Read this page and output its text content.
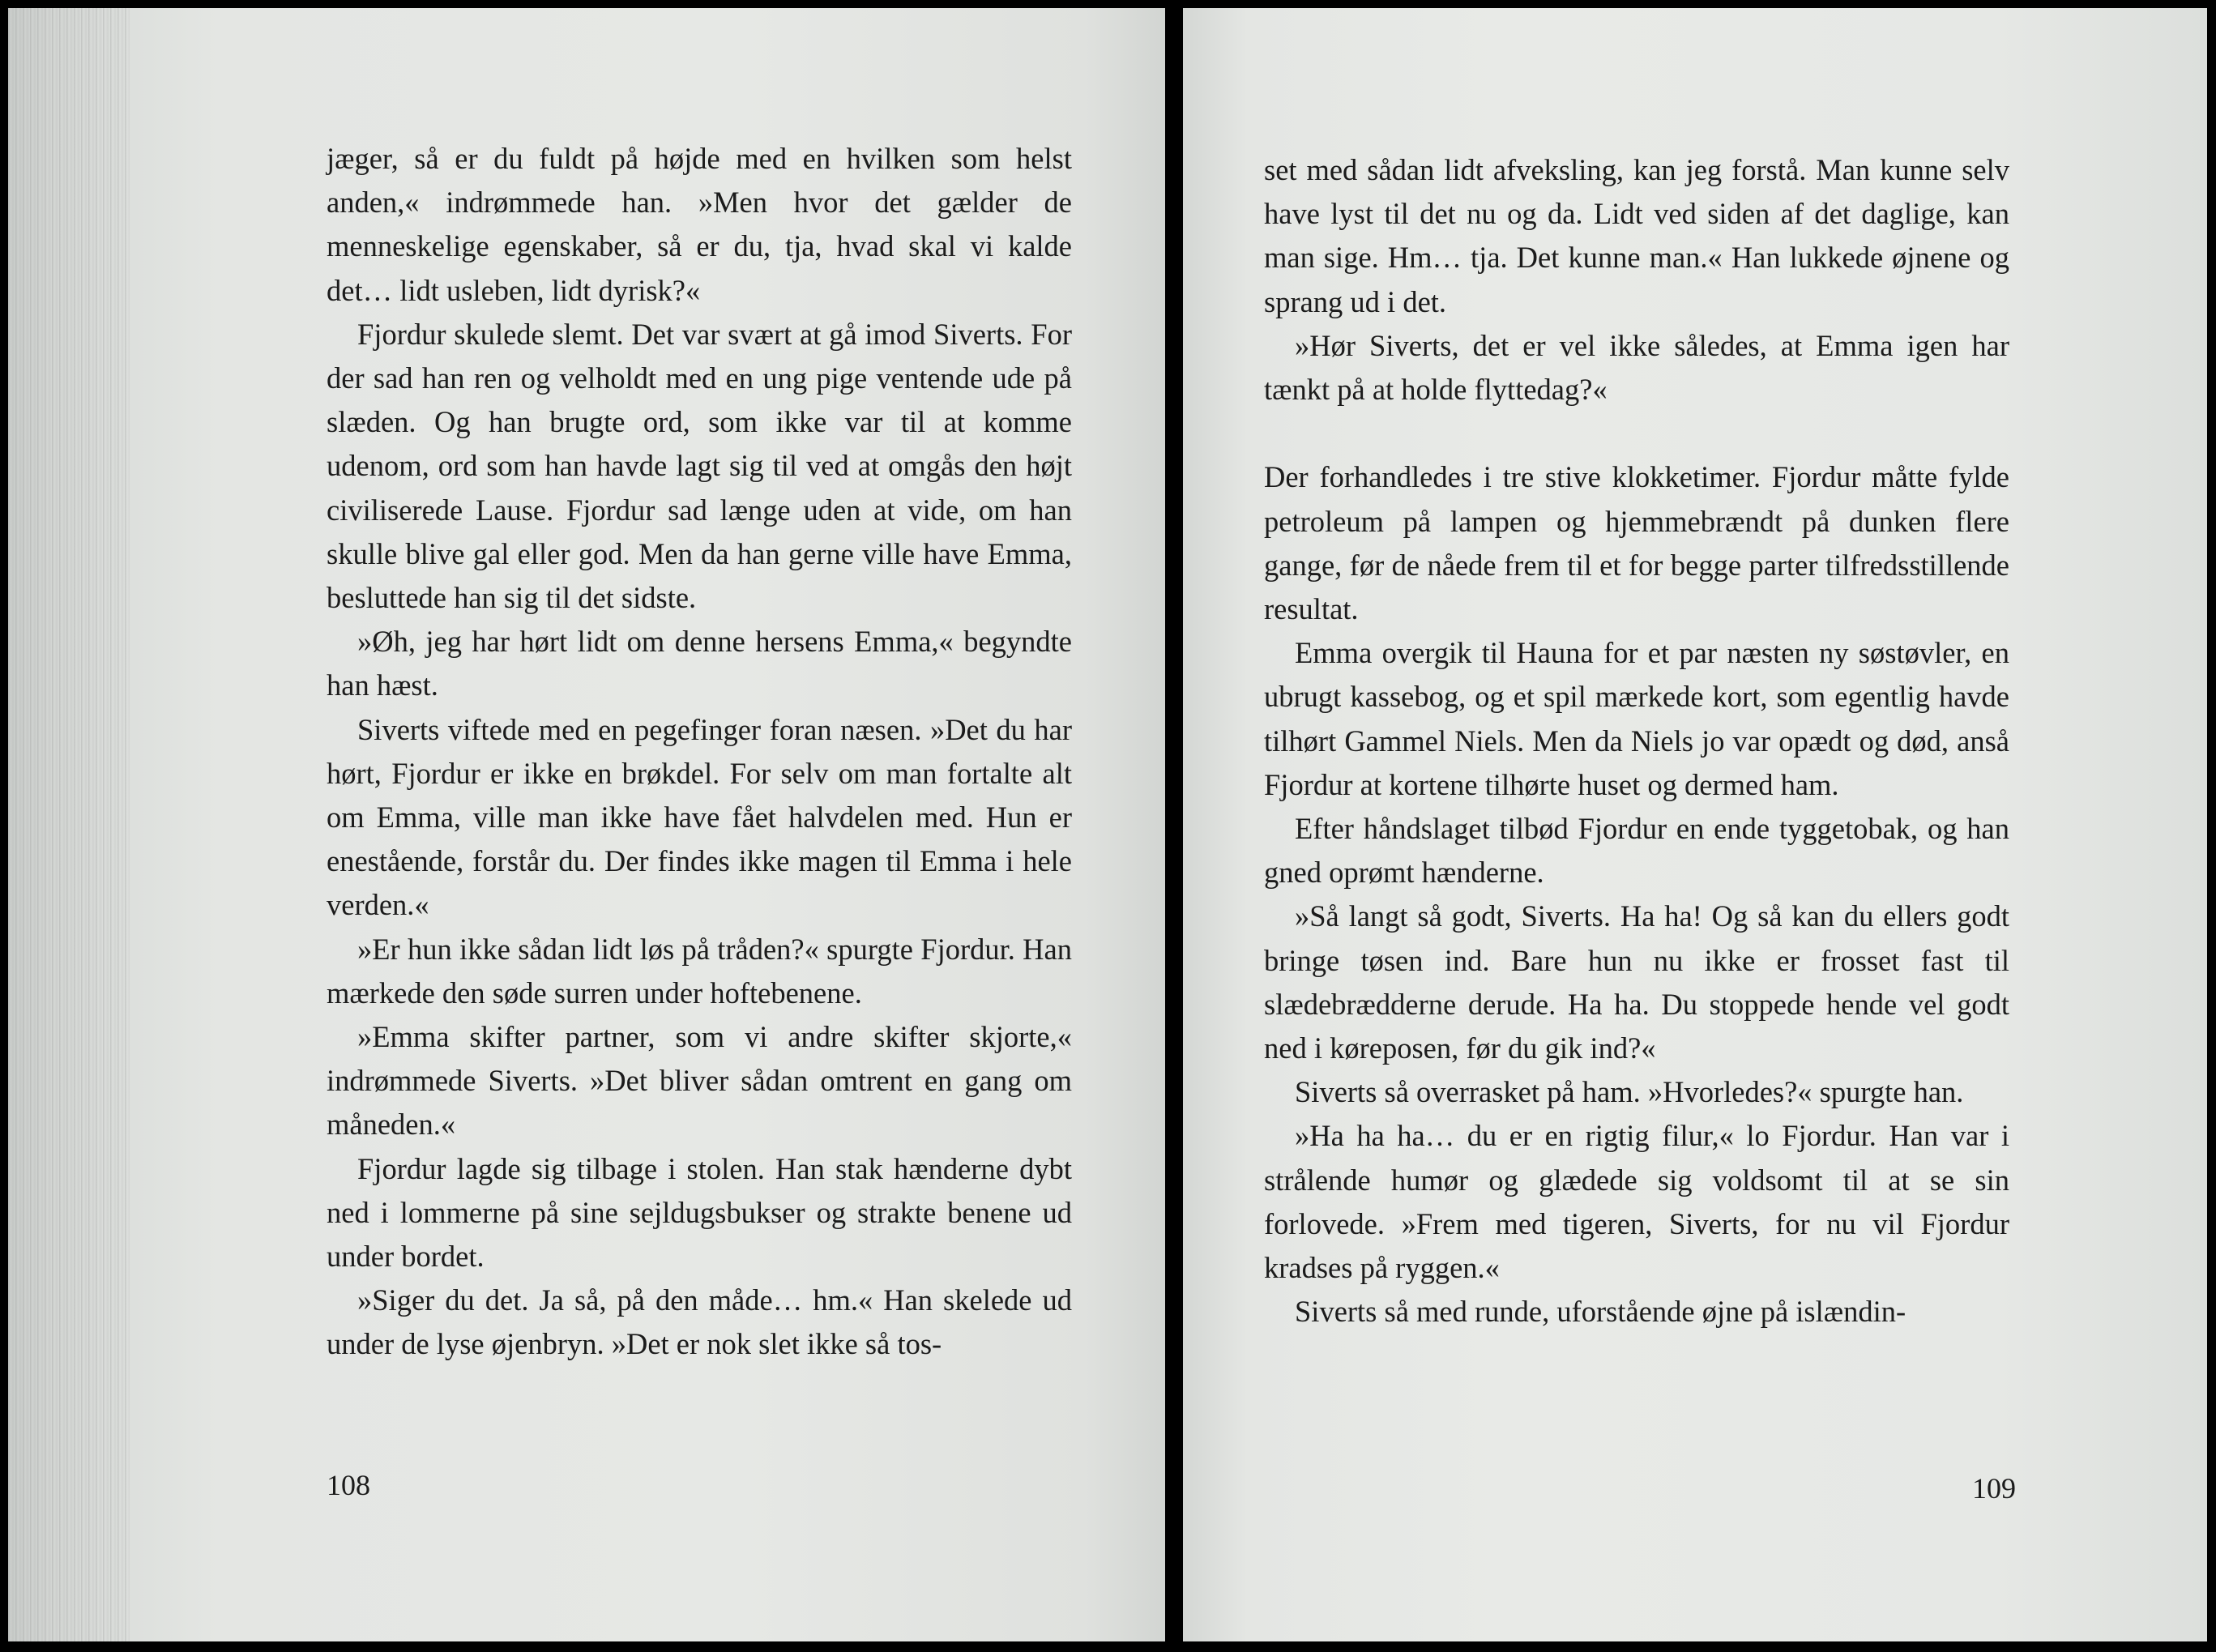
jæger, så er du fuldt på højde med en hvilken som helst anden,« indrømmede han. »Men hvor det gælder de menneskelige egenskaber, så er du, tja, hvad skal vi kalde det… lidt usleben, lidt dyrisk?«

Fjordur skulede slemt. Det var svært at gå imod Siverts. For der sad han ren og velholdt med en ung pige ventende ude på slæden. Og han brugte ord, som ikke var til at komme udenom, ord som han havde lagt sig til ved at omgås den højt civiliserede Lause. Fjordur sad længe uden at vide, om han skulle blive gal eller god. Men da han gerne ville have Emma, besluttede han sig til det sidste.

»Øh, jeg har hørt lidt om denne hersens Emma,« begyndte han hæst.

Siverts viftede med en pegefinger foran næsen. »Det du har hørt, Fjordur er ikke en brøkdel. For selv om man fortalte alt om Emma, ville man ikke have fået halvdelen med. Hun er enestående, forstår du. Der findes ikke magen til Emma i hele verden.«

»Er hun ikke sådan lidt løs på tråden?« spurgte Fjordur. Han mærkede den søde surren under hoftebenene.

»Emma skifter partner, som vi andre skifter skjorte,« indrømmede Siverts. »Det bliver sådan omtrent en gang om måneden.«

Fjordur lagde sig tilbage i stolen. Han stak hænderne dybt ned i lommerne på sine sejldugsbukser og strakte benene ud under bordet.

»Siger du det. Ja så, på den måde… hm.« Han skelede ud under de lyse øjenbryn. »Det er nok slet ikke så tos-

108

set med sådan lidt afveksling, kan jeg forstå. Man kunne selv have lyst til det nu og da. Lidt ved siden af det daglige, kan man sige. Hm… tja. Det kunne man.« Han lukkede øjnene og sprang ud i det.

»Hør Siverts, det er vel ikke således, at Emma igen har tænkt på at holde flyttedag?«

Der forhandledes i tre stive klokketimer. Fjordur måtte fylde petroleum på lampen og hjemmebrændt på dunken flere gange, før de nåede frem til et for begge parter tilfredsstillende resultat.

Emma overgik til Hauna for et par næsten ny søstøvler, en ubrugt kassebog, og et spil mærkede kort, som egentlig havde tilhørt Gammel Niels. Men da Niels jo var opædt og død, anså Fjordur at kortene tilhørte huset og dermed ham.

Efter håndslaget tilbød Fjordur en ende tyggetobak, og han gned oprømt hænderne.

»Så langt så godt, Siverts. Ha ha! Og så kan du ellers godt bringe tøsen ind. Bare hun nu ikke er frosset fast til slædebrædderne derude. Ha ha. Du stoppede hende vel godt ned i køreposen, før du gik ind?«

Siverts så overrasket på ham. »Hvorledes?« spurgte han.

»Ha ha ha… du er en rigtig filur,« lo Fjordur. Han var i strålende humør og glædede sig voldsomt til at se sin forlovede. »Frem med tigeren, Siverts, for nu vil Fjordur kradses på ryggen.«

Siverts så med runde, uforstående øjne på islændin-

109
